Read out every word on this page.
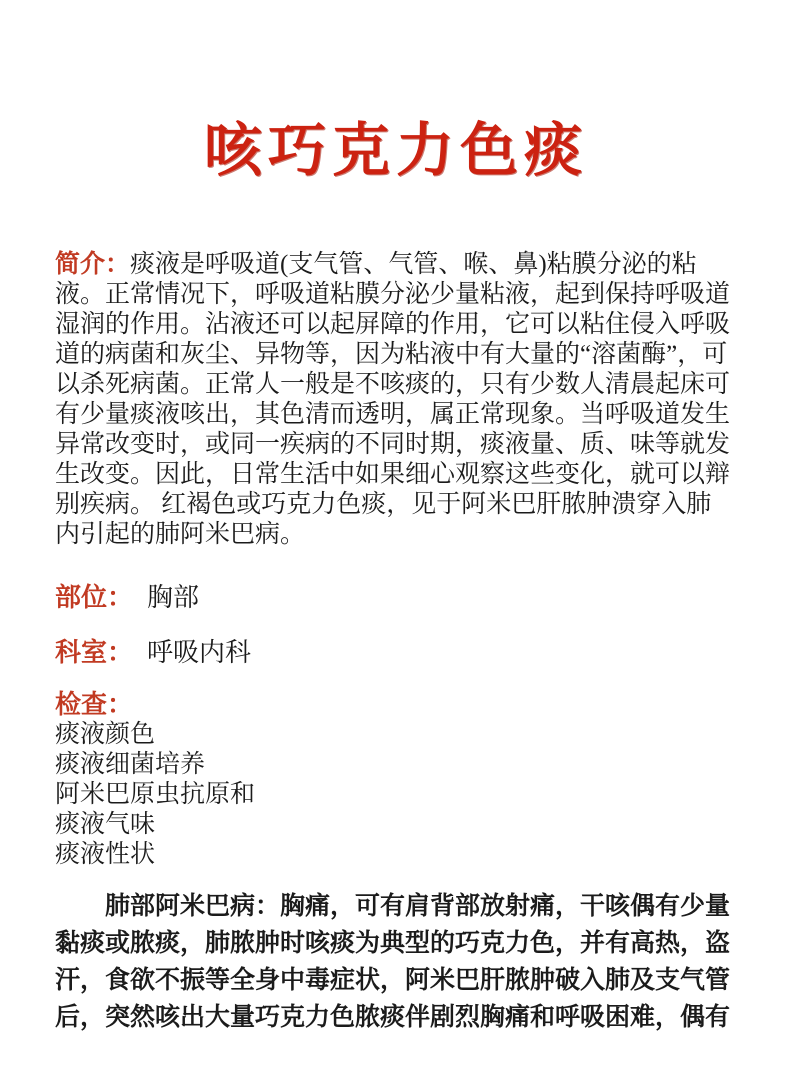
咳巧克力色痰
简介：痰液是呼吸道(支气管、气管、喉、鼻)粘膜分泌的粘
液。正常情况下，呼吸道粘膜分泌少量粘液，起到保持呼吸道
湿润的作用。沾液还可以起屏障的作用，它可以粘住侵入呼吸
道的病菌和灰尘、异物等，因为粘液中有大量的“溶菌酶”，可
以杀死病菌。正常人一般是不咳痰的，只有少数人清晨起床可
有少量痰液咳出，其色清而透明，属正常现象。当呼吸道发生
异常改变时，或同一疾病的不同时期，痰液量、质、味等就发
生改变。因此，日常生活中如果细心观察这些变化，就可以辩
别疾病。 红褐色或巧克力色痰，见于阿米巴肝脓肿溃穿入肺
内引起的肺阿米巴病。
部位： 胸部
科室： 呼吸内科
检查：
痰液颜色
痰液细菌培养
阿米巴原虫抗原和
痰液气味
痰液性状
　　肺部阿米巴病：胸痛，可有肩背部放射痛，干咳偶有少量
黏痰或脓痰，肺脓肿时咳痰为典型的巧克力色，并有高热，盗
汗，食欲不振等全身中毒症状，阿米巴肝脓肿破入肺及支气管
后，突然咳出大量巧克力色脓痰伴剧烈胸痛和呼吸困难，偶有
